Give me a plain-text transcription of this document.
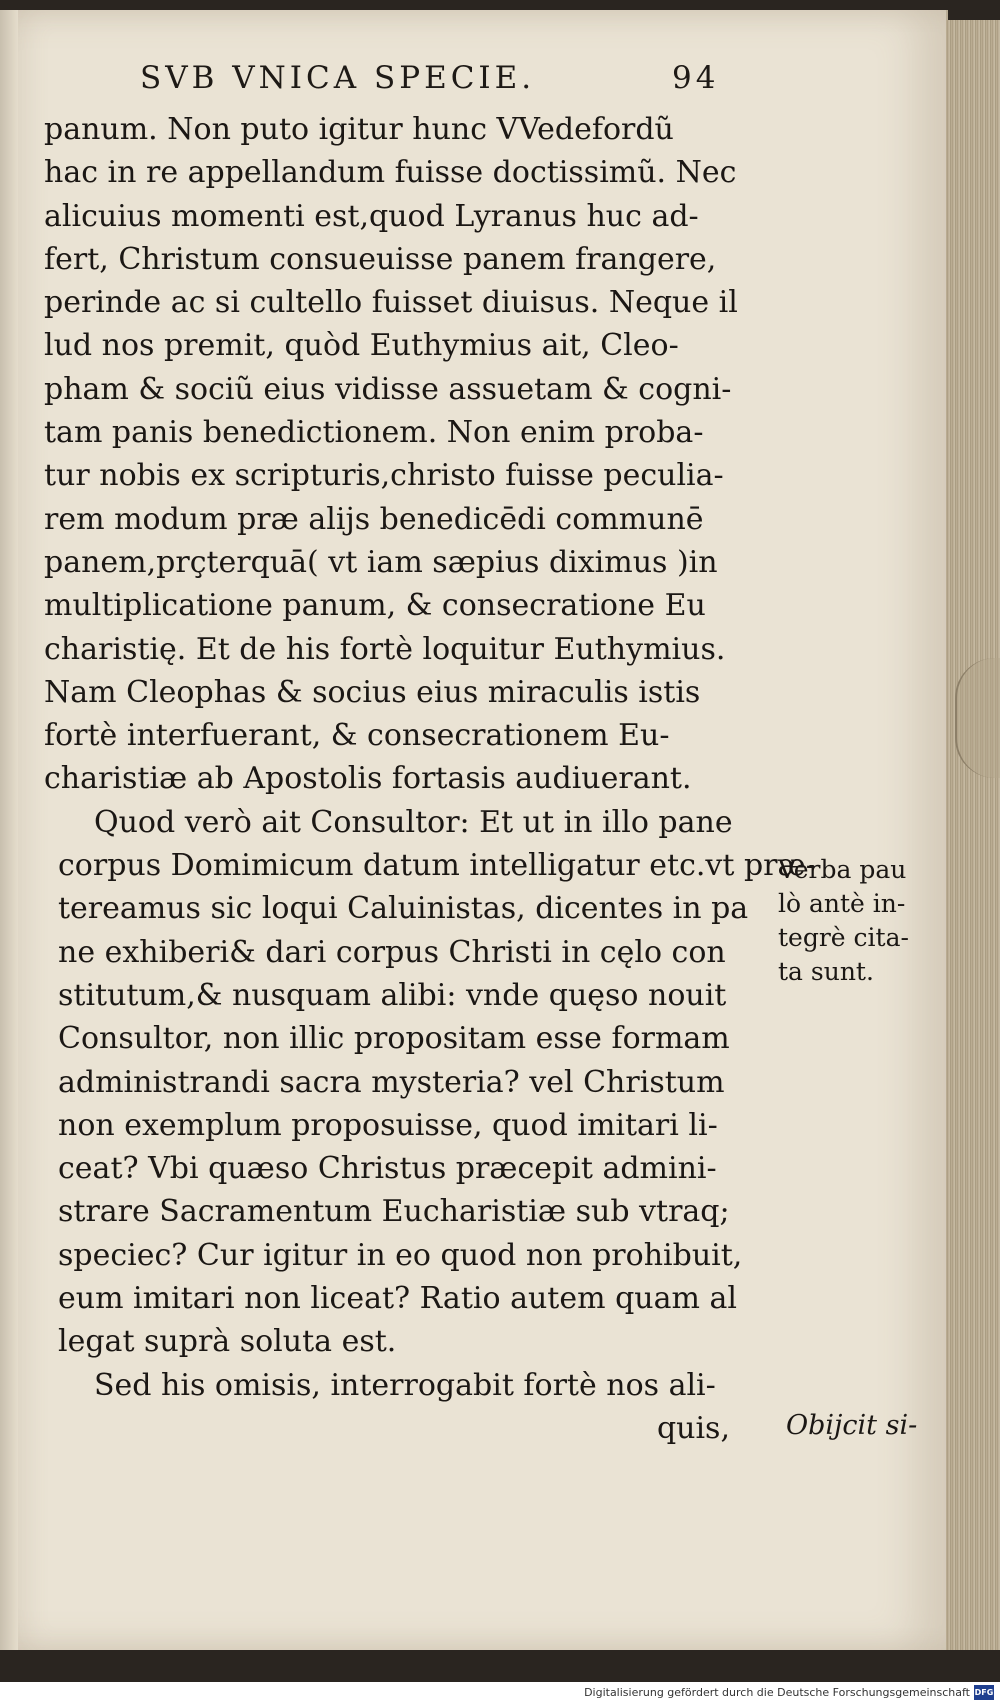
SVB VNICA SPECIE.	94
panum. Non puto igitur hunc VVedefordũ
hac in re appellandum fuisse doctissimũ. Nec
alicuius momenti est,quod Lyranus huc ad-
fert, Christum consueuisse panem frangere,
perinde ac si cultello fuisset diuisus. Neque il
lud nos premit, quòd Euthymius ait, Cleo-
pham & sociũ eius vidisse assuetam & cogni-
tam panis benedictionem. Non enim proba-
tur nobis ex scripturis,christo fuisse peculia-
rem modum præ alijs benedicēdi communē
panem,prçterquā( vt iam sæpius diximus )in
multiplicatione panum, & consecratione Eu
charistię. Et de his fortè loquitur Euthymius.
Nam Cleophas & socius eius miraculis istis
fortè interfuerant, & consecrationem Eu-
charistiæ ab Apostolis fortasis audiuerant.
Quod verò ait Consultor: Et ut in illo pane
corpus Domimicum datum intelligatur etc.vt præ-
tereamus sic loqui Caluinistas, dicentes in pa
ne exhiberi& dari corpus Christi in cęlo con
stitutum,& nusquam alibi: vnde quęso nouit
Consultor, non illic propositam esse formam
administrandi sacra mysteria? vel Christum
non exemplum proposuisse, quod imitari li-
ceat? Vbi quæso Christus præcepit admini-
strare Sacramentum Eucharistiæ sub vtraq;
speciec? Cur igitur in eo quod non prohibuit,
eum imitari non liceat? Ratio autem quam al
legat suprà soluta est.
Sed his omisis, interrogabit fortè nos ali-
quis,
Verba pau
lò antè in-
tegrè cita-
ta sunt.
Obijcit si-
Digitalisierung gefördert durch die Deutsche Forschungsgemeinschaft DFG
